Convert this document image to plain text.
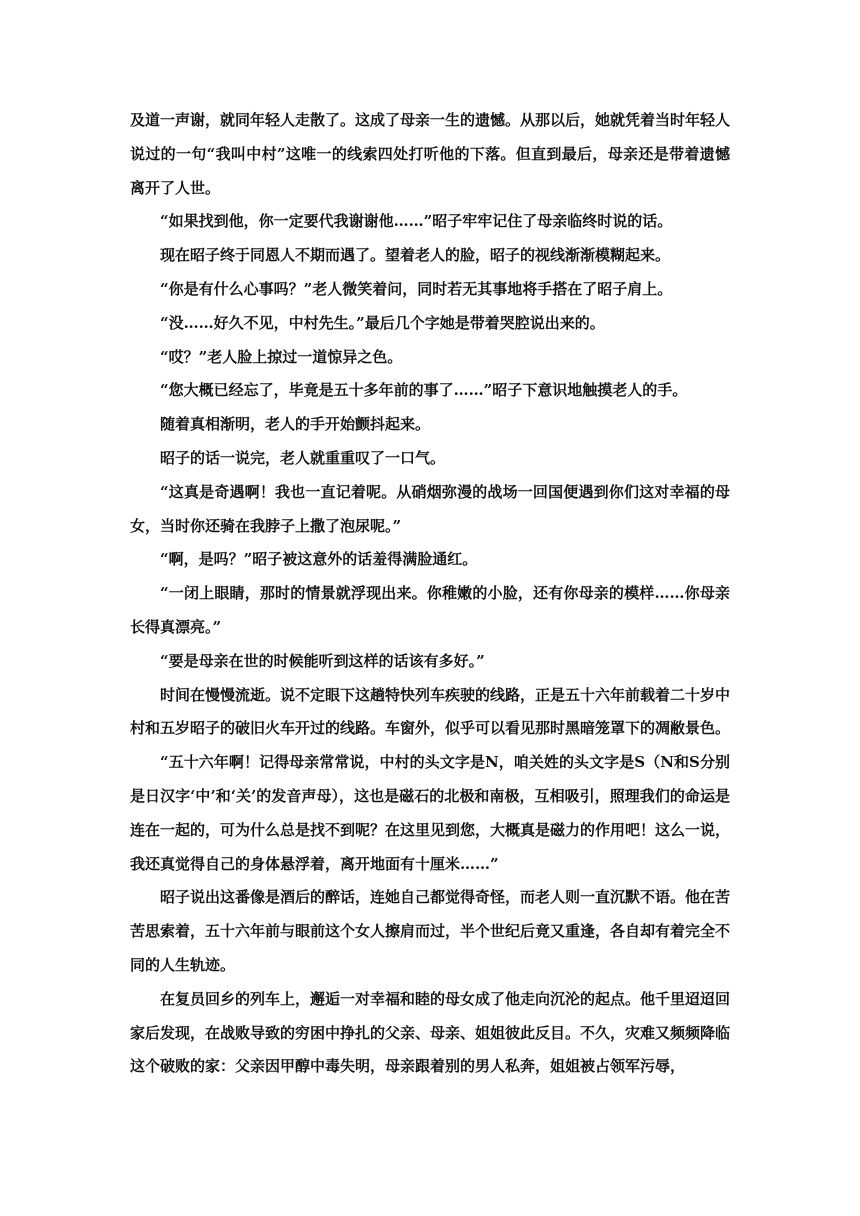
及道一声谢，就同年轻人走散了。这成了母亲一生的遗憾。从那以后，她就凭着当时年轻人说过的一句“我叫中村”这唯一的线索四处打听他的下落。但直到最后，母亲还是带着遗憾离开了人世。

“如果找到他，你一定要代我谢谢他……”昭子牢牢记住了母亲临终时说的话。

现在昭子终于同恩人不期而遇了。望着老人的脸，昭子的视线渐渐模糊起来。

“你是有什么心事吗？”老人微笑着问，同时若无其事地将手搭在了昭子肩上。

“没……好久不见，中村先生。”最后几个字她是带着哭腔说出来的。

“哎？”老人脸上掠过一道惊异之色。

“您大概已经忘了，毕竟是五十多年前的事了……”昭子下意识地触摸老人的手。

随着真相渐明，老人的手开始颤抖起来。

昭子的话一说完，老人就重重叹了一口气。

“这真是奇遇啊！我也一直记着呢。从硝烟弥漫的战场一回国便遇到你们这对幸福的母女，当时你还骑在我脖子上撒了泡尿呢。”

“啊，是吗？”昭子被这意外的话羞得满脸通红。

“一闭上眼睛，那时的情景就浮现出来。你稚嫩的小脸，还有你母亲的模样……你母亲长得真漂亮。”

“要是母亲在世的时候能听到这样的话该有多好。”

时间在慢慢流逝。说不定眼下这趟特快列车疾驶的线路，正是五十六年前载着二十岁中村和五岁昭子的破旧火车开过的线路。车窗外，似乎可以看见那时黑暗笼罩下的凋敝景色。

“五十六年啊！记得母亲常常说，中村的头文字是N，咱关姓的头文字是S（N和S分别是日汉字‘中’和‘关’的发音声母），这也是磁石的北极和南极，互相吸引，照理我们的命运是连在一起的，可为什么总是找不到呢？在这里见到您，大概真是磁力的作用吧！这么一说，我还真觉得自己的身体悬浮着，离开地面有十厘米……”

昭子说出这番像是酒后的醉话，连她自己都觉得奇怪，而老人则一直沉默不语。他在苦苦思索着，五十六年前与眼前这个女人擦肩而过，半个世纪后竟又重逢，各自却有着完全不同的人生轨迹。

在复员回乡的列车上，邂逅一对幸福和睦的母女成了他走向沉沦的起点。他千里迢迢回家后发现，在战败导致的穷困中挣扎的父亲、母亲、姐姐彼此反目。不久，灾难又频频降临这个破败的家：父亲因甲醇中毒失明，母亲跟着别的男人私奔，姐姐被占领军污辱，
